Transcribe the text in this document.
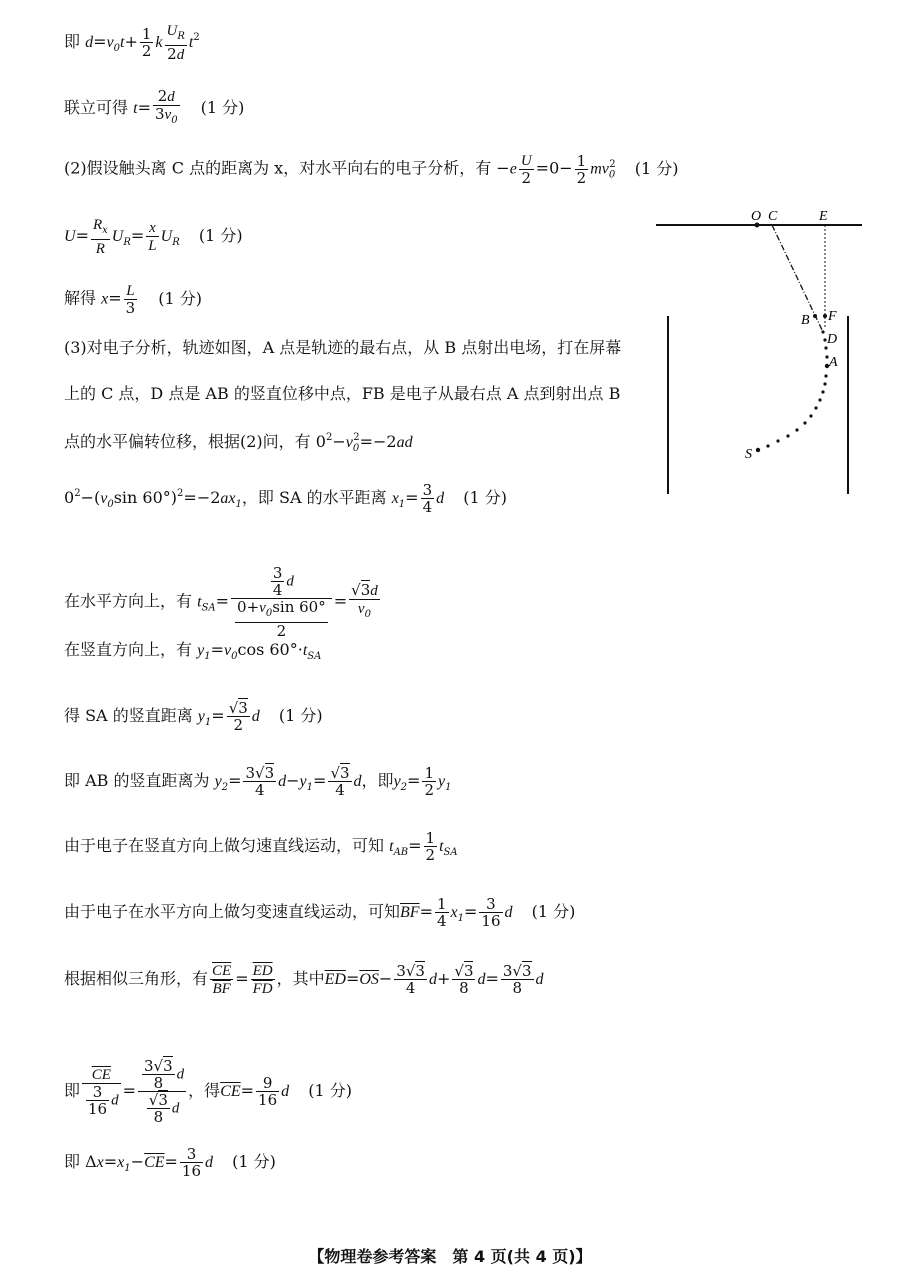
即 $d=v_0t+ \frac{1}{2}$ k $\frac{U_R}{2d} t^2$
联立可得 $t= \frac{2d}{3v_0} (1$ 分)
(2)假设触头离 C 点的距离为 x，对水平向右的电子分析，有 $-e \frac{U}{2} =0- \frac{1}{2} mv_0^2$ (1 分)
$U= \frac{R_x}{R} U_R= \frac{x}{L} U_R$ (1 分)
解得 $x= \frac{L}{3} (1$ 分)
(3)对电子分析，轨迹如图，A 点是轨迹的最右点，从 B 点射出电场，打在屏幕
上的 C 点，D 点是 AB 的竖直位移中点，FB 是电子从最右点 A 点到射出点 B
点的水平偏转位移，根据(2)问，有 $0^2-v_0^2=-2ad$
$0^2-(v_0\sin$ $60^\circ)^2=-2ax_1$，即 SA 的水平距离 $x_1= \frac{3}{4}$ d (1 分)
在水平方向上，有 $t_{SA}= \frac{\frac{3}{4} d}{\frac{0+v_0\sin 60^\circ}{2}} = \frac{√3d}{v_0}$
在竖直方向上，有 $y_1=v_0\cos$ $60^\circ\cdot t_{SA}$
得 SA 的竖直距离 $y_1= \frac{√3}{2}$ d (1 分)
即 AB 的竖直距离为 $y_2= \frac{3√3}{4} d-y_1= \frac{√3}{4}$ d，即$y_2= \frac{1}{2} y_1$
由于电子在竖直方向上做匀速直线运动，可知 $t_{AB}= \frac{1}{2} t_{SA}$
由于电子在水平方向上做匀变速直线运动，可知$\overline{BF}= \frac{1}{4} x_1= \frac{3}{16}$ d (1 分)
根据相似三角形，有 $\frac{\overline{CE}}{BF} = \frac{\overline{ED}}{FD}$ ，其中$\overline{ED}=\overline{OS}- \frac{3√3}{4} d+ \frac{√3}{8} d= \frac{3√3}{8}$ d
即 $\frac{\overline{CE}}{\frac{3}{16} d} = \frac{\frac{3√3}{8} d}{\frac{√3}{8} d}$ ，得$\overline{CE}= \frac{9}{16}$ d (1 分)
即 $\Delta x=x_1-\overline{CE}= \frac{3}{16}$ d (1 分)
O C	E
F
B
D
A
S
【物理卷参考答案　第 4 页(共 4 页)】
